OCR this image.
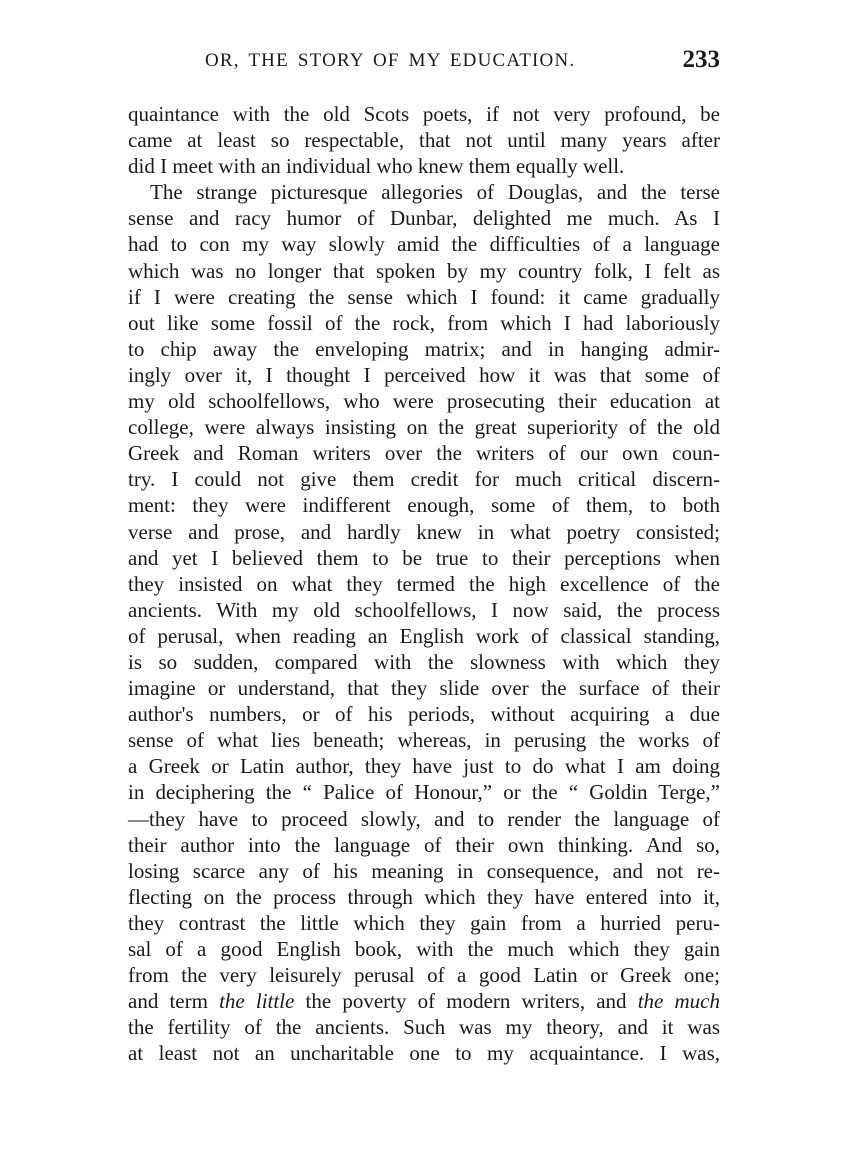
OR, THE STORY OF MY EDUCATION.	233
quaintance with the old Scots poets, if not very profound, be
came at least so respectable, that not until many years after
did I meet with an individual who knew them equally well.
The strange picturesque allegories of Douglas, and the terse
sense and racy humor of Dunbar, delighted me much. As I
had to con my way slowly amid the difficulties of a language
which was no longer that spoken by my country folk, I felt as
if I were creating the sense which I found: it came gradually
out like some fossil of the rock, from which I had laboriously
to chip away the enveloping matrix; and in hanging admir-
ingly over it, I thought I perceived how it was that some of
my old schoolfellows, who were prosecuting their education at
college, were always insisting on the great superiority of the old
Greek and Roman writers over the writers of our own coun-
try. I could not give them credit for much critical discern-
ment: they were indifferent enough, some of them, to both
verse and prose, and hardly knew in what poetry consisted;
and yet I believed them to be true to their perceptions when
they insisted on what they termed the high excellence of the
ancients. With my old schoolfellows, I now said, the process
of perusal, when reading an English work of classical standing,
is so sudden, compared with the slowness with which they
imagine or understand, that they slide over the surface of their
author's numbers, or of his periods, without acquiring a due
sense of what lies beneath; whereas, in perusing the works of
a Greek or Latin author, they have just to do what I am doing
in deciphering the “ Palice of Honour,” or the “ Goldin Terge,”
—they have to proceed slowly, and to render the language of
their author into the language of their own thinking. And so,
losing scarce any of his meaning in consequence, and not re-
flecting on the process through which they have entered into it,
they contrast the little which they gain from a hurried peru-
sal of a good English book, with the much which they gain
from the very leisurely perusal of a good Latin or Greek one;
and term the little the poverty of modern writers, and the much
the fertility of the ancients. Such was my theory, and it was
at least not an uncharitable one to my acquaintance. I was,
